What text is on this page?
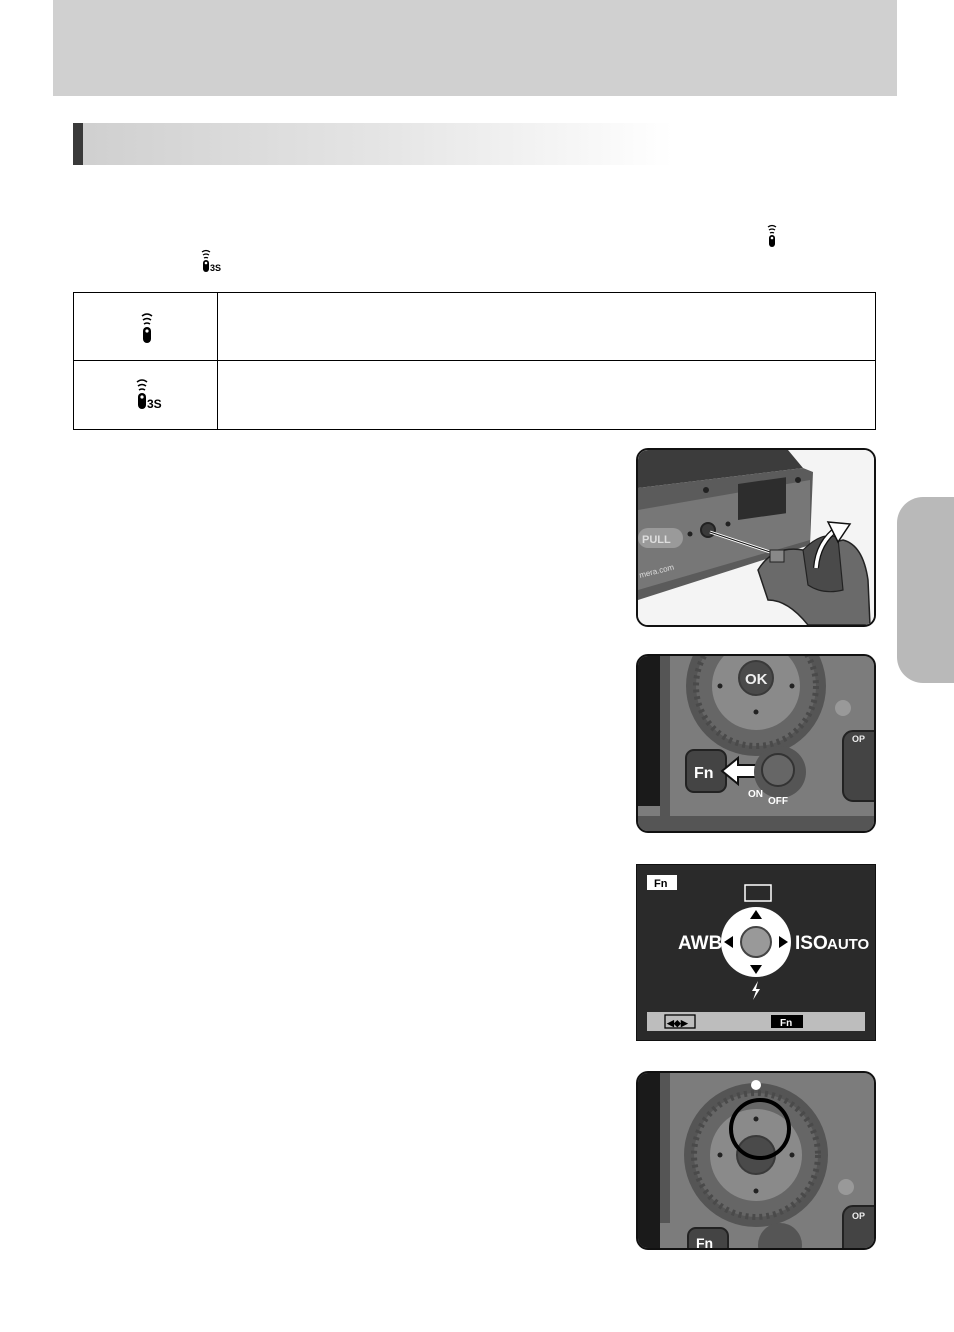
3S
3S
PULL
mera.com
OK
Fn
ON
OFF
OP
Fn
AWB	ISO AUTO
◀◆▶	Fn
Fn
OP
